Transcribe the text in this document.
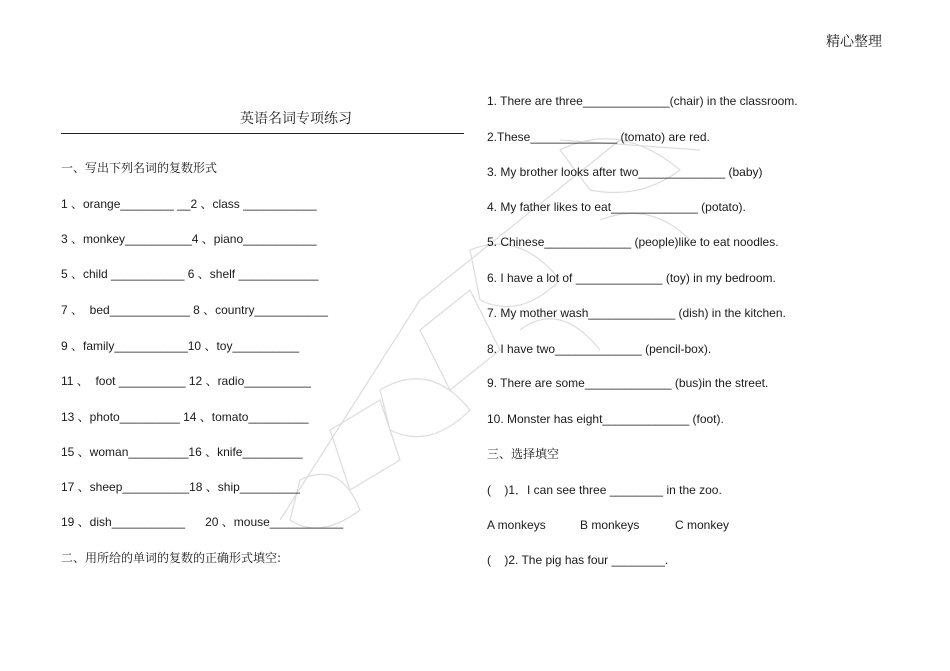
精心整理
英语名词专项练习
一、写出下列名词的复数形式
1 、orange________ __2 、class ___________
3 、monkey__________4 、piano___________
5 、child ___________ 6 、shelf ____________
7 、  bed____________ 8 、country___________
9 、family___________10 、toy__________
11 、  foot __________ 12 、radio__________
13 、photo_________ 14 、tomato_________
15 、woman_________16 、knife_________
17 、sheep__________18 、ship_________
19 、dish___________      20 、mouse___________
二、用所给的单词的复数的正确形式填空:
1. There are three_____________(chair) in the classroom.
2.These_____________ (tomato) are red.
3. My brother looks after two_____________ (baby)
4. My father likes to eat_____________ (potato).
5. Chinese_____________ (people)like to eat noodles.
6. I have a lot of _____________ (toy) in my bedroom.
7. My mother wash_____________ (dish) in the kitchen.
8. I have two_____________ (pencil-box).
9. There are some_____________ (bus)in the street.
10. Monster has eight_____________ (foot).
三、选择填空
(    )1．I can see three ________ in the zoo.
A monkeys	B monkeys	C monkey
(    )2. The pig has four ________.
